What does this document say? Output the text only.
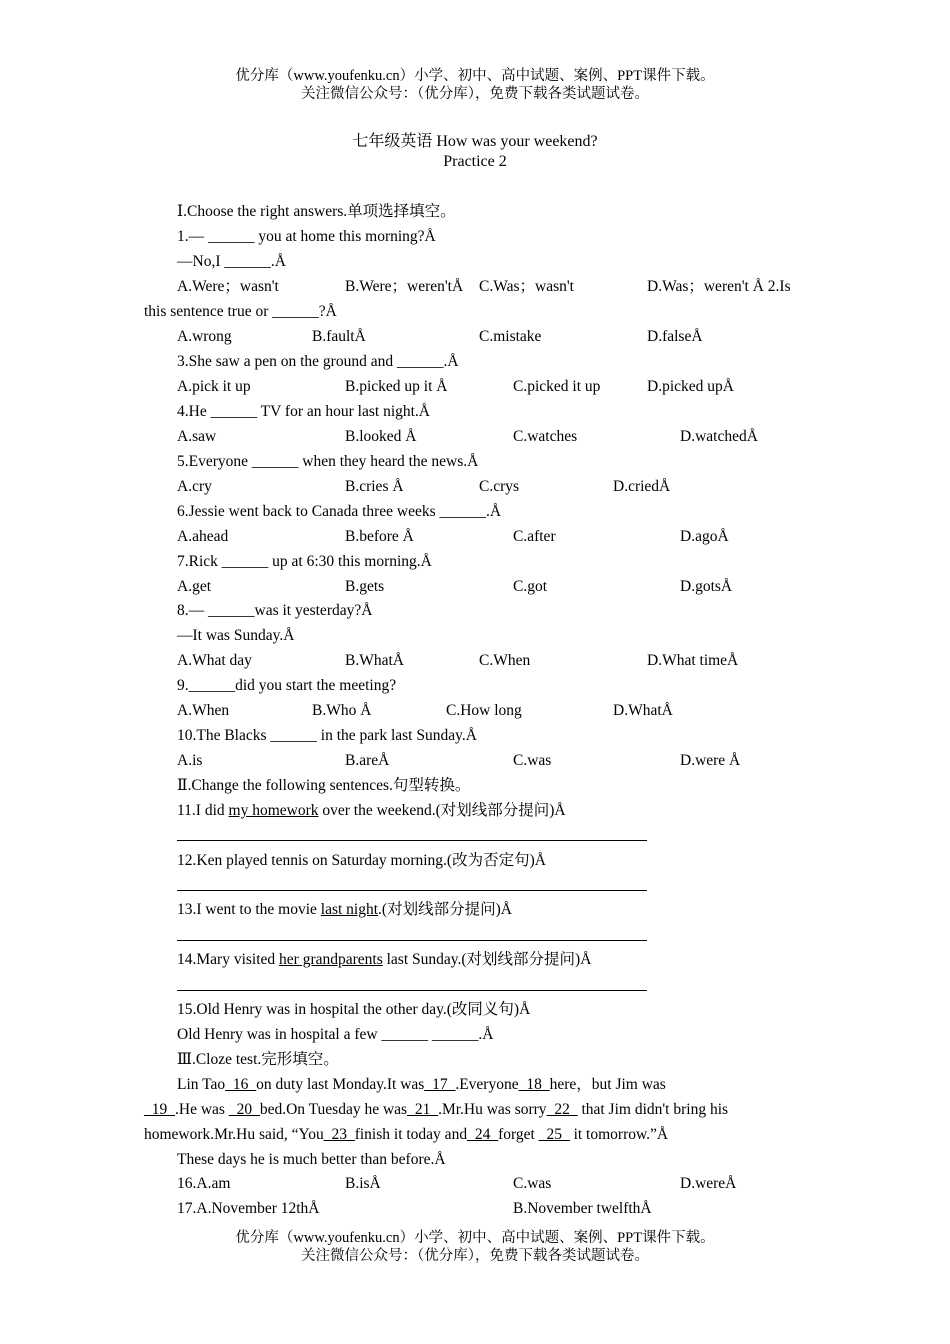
优分库（www.youfenku.cn）小学、初中、高中试题、案例、PPT课件下载。
关注微信公众号：（优分库），免费下载各类试题试卷。
七年级英语 How was your weekend?
Practice 2
Ⅰ.Choose the right answers.单项选择填空。
1.— ______ you at home this morning?Å
—No,I ______.Å
A.Were；wasn't	B.Were；weren'tÅ C.Was；wasn't	D.Was；weren't Å 2.Is
this sentence true or ______?Å
A.wrong	B.faultÅ	C.mistake	D.falseÅ
3.She saw a pen on the ground and ______.Å
A.pick it up	B.picked up it Å	C.picked it up	D.picked upÅ
4.He ______ TV for an hour last night.Å
A.saw	B.looked Å	C.watches	D.watchedÅ
5.Everyone ______ when they heard the news.Å
A.cry	B.cries Å	C.crys	D.criedÅ
6.Jessie went back to Canada three weeks ______.Å
A.ahead	B.before Å	C.after	D.agoÅ
7.Rick ______ up at 6:30 this morning.Å
A.get	B.gets	C.got	D.gotsÅ
8.— ______was it yesterday?Å
—It was Sunday.Å
A.What day	B.WhatÅ	C.When	D.What timeÅ
9.______did you start the meeting?
A.When	B.Who Å	C.How long	D.WhatÅ
10.The Blacks ______ in the park last Sunday.Å
A.is	B.areÅ	C.was	D.were Å
Ⅱ.Change the following sentences.句型转换。
11.I did my homework over the weekend.(对划线部分提问)Å
12.Ken played tennis on Saturday morning.(改为否定句)Å
13.I went to the movie last night.(对划线部分提问)Å
14.Mary visited her grandparents last Sunday.(对划线部分提问)Å
15.Old Henry was in hospital the other day.(改同义句)Å
Old Henry was in hospital a few ______ ______.Å
Ⅲ.Cloze test.完形填空。
Lin Tao_16_on duty last Monday.It was_17_.Everyone_18_here，but Jim was
_19_.He was _20_bed.On Tuesday he was_21_.Mr.Hu was sorry_22_ that Jim didn't bring his
homework.Mr.Hu said, “You_23_finish it today and_24_forget _25_ it tomorrow.”Å
These days he is much better than before.Å
16.A.am	B.isÅ	C.was	D.wereÅ
17.A.November 12thÅ	B.November twelfthÅ
优分库（www.youfenku.cn）小学、初中、高中试题、案例、PPT课件下载。
关注微信公众号：（优分库），免费下载各类试题试卷。
